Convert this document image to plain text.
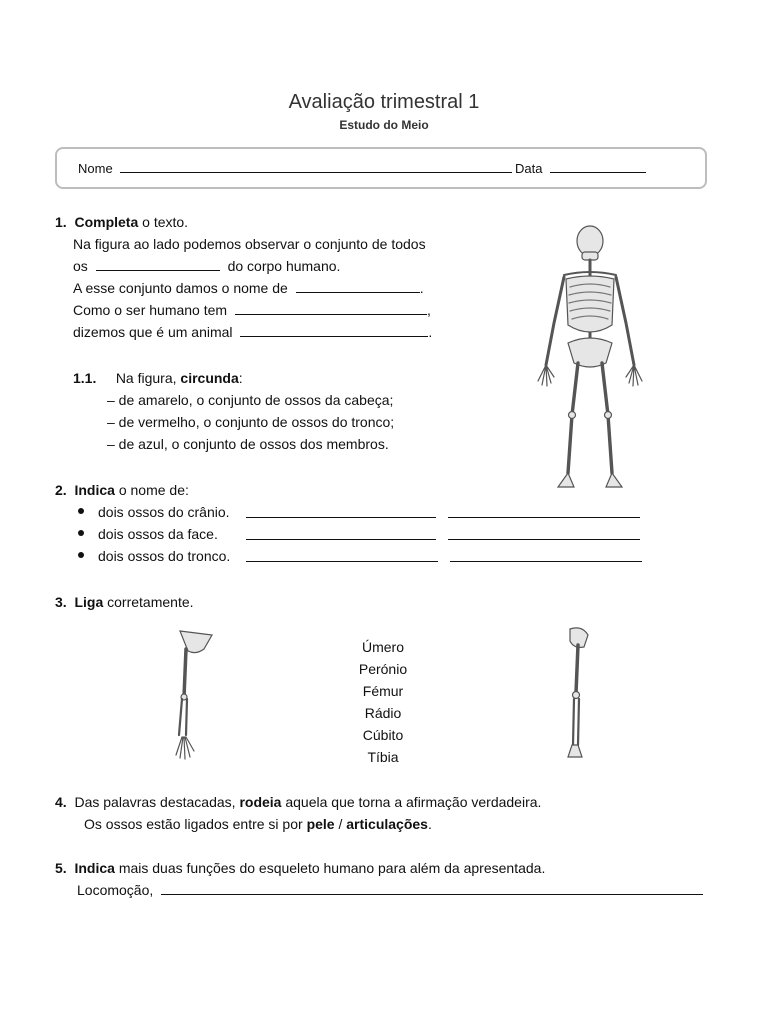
Avaliação trimestral 1
Estudo do Meio
Nome	Data
1. Completa o texto.
Na figura ao lado podemos observar o conjunto de todos
os	do corpo humano.
A esse conjunto damos o nome de	.
Como o ser humano tem	,
dizemos que é um animal	.
1.1. Na figura, circunda:
– de amarelo, o conjunto de ossos da cabeça;
– de vermelho, o conjunto de ossos do tronco;
– de azul, o conjunto de ossos dos membros.
2. Indica o nome de:
dois ossos do crânio.
dois ossos da face.
dois ossos do tronco.
3. Liga corretamente.
Úmero
Perónio
Fémur
Rádio
Cúbito
Tíbia
4. Das palavras destacadas, rodeia aquela que torna a afirmação verdadeira.
Os ossos estão ligados entre si por pele / articulações.
5. Indica mais duas funções do esqueleto humano para além da apresentada.
Locomoção,
